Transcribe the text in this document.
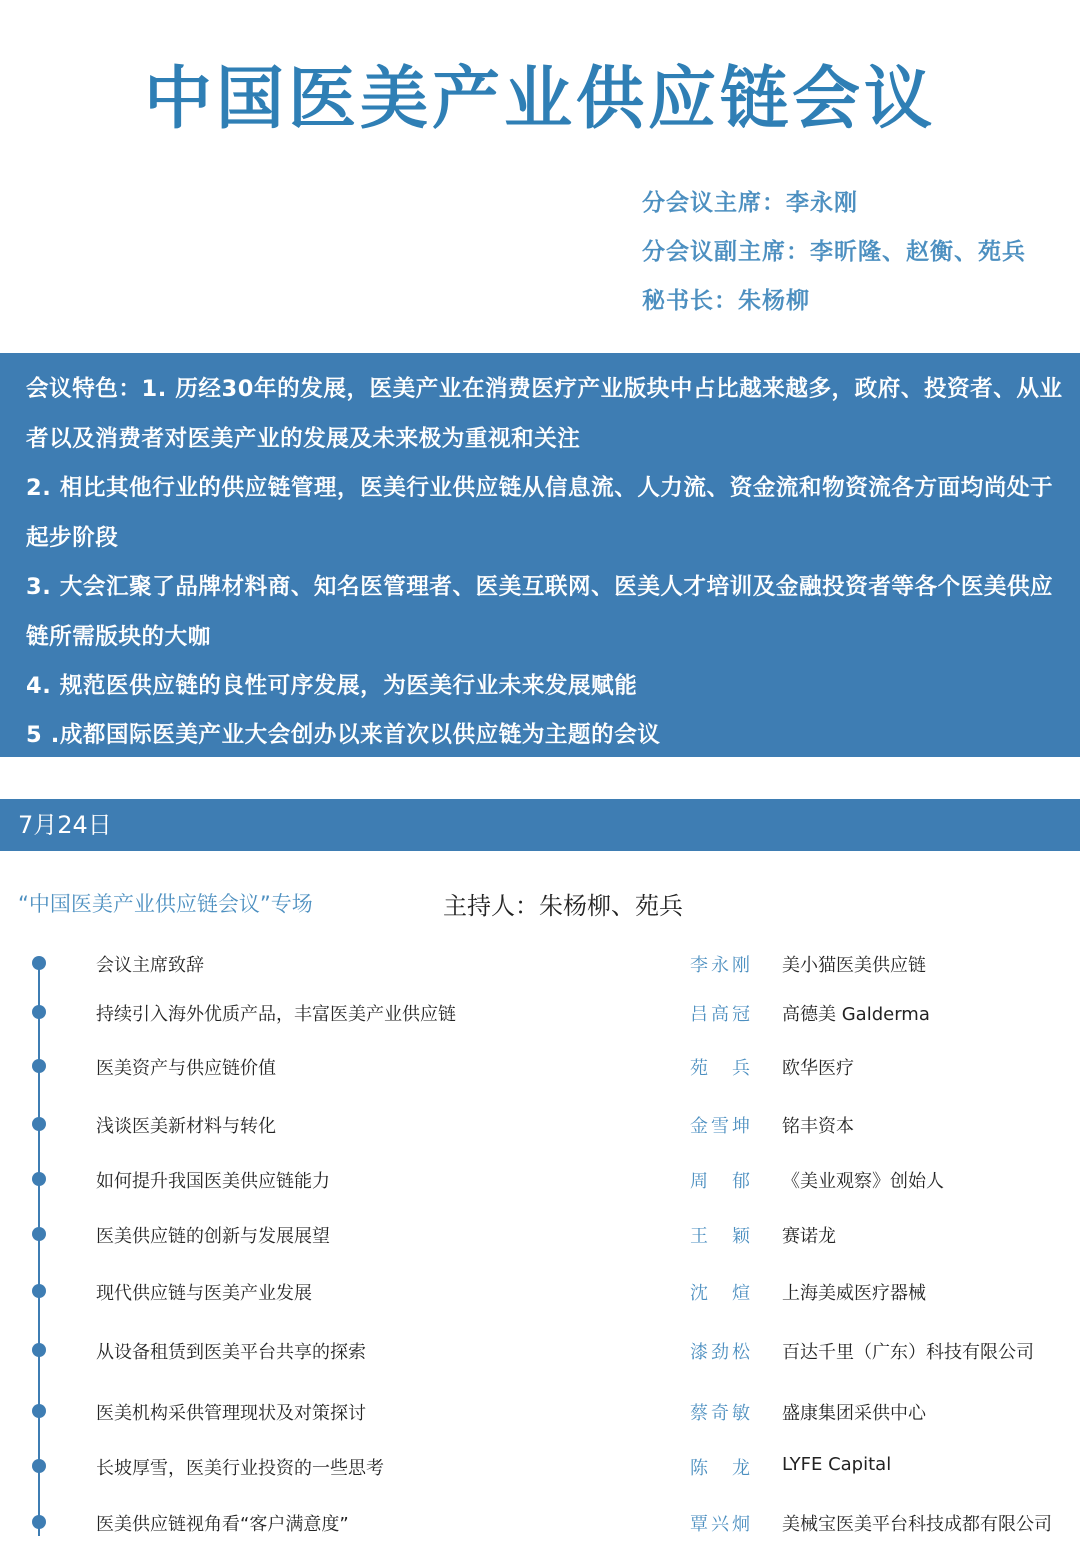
中国医美产业供应链会议
分会议主席：李永刚
分会议副主席：李昕隆、赵衡、苑兵
秘书长：朱杨柳

会议特色：1. 历经30年的发展，医美产业在消费医疗产业版块中占比越来越多，政府、投资者、从业者以及消费者对医美产业的发展及未来极为重视和关注

2. 相比其他行业的供应链管理，医美行业供应链从信息流、人力流、资金流和物资流各方面均尚处于起步阶段

3. 大会汇聚了品牌材料商、知名医管理者、医美互联网、医美人才培训及金融投资者等各个医美供应链所需版块的大咖

4. 规范医供应链的良性可序发展，为医美行业未来发展赋能

5 .成都国际医美产业大会创办以来首次以供应链为主题的会议

7月24日
“中国医美产业供应链会议”专场	主持人：朱杨柳、苑兵
会议主席致辞	李永刚 美小猫医美供应链
持续引入海外优质产品，丰富医美产业供应链	吕高冠 高德美 Galderma
医美资产与供应链价值	苑兵 欧华医疗
浅谈医美新材料与转化	金雪坤 铭丰资本
如何提升我国医美供应链能力	周郁 《美业观察》创始人
医美供应链的创新与发展展望	王颖 赛诺龙
现代供应链与医美产业发展	沈煊 上海美威医疗器械
从设备租赁到医美平台共享的探索	漆劲松 百达千里（广东）科技有限公司
医美机构采供管理现状及对策探讨	蔡奇敏 盛康集团采供中心
长坡厚雪，医美行业投资的一些思考	陈龙 LYFE Capital
医美供应链视角看“客户满意度”	覃兴炯 美械宝医美平台科技成都有限公司
